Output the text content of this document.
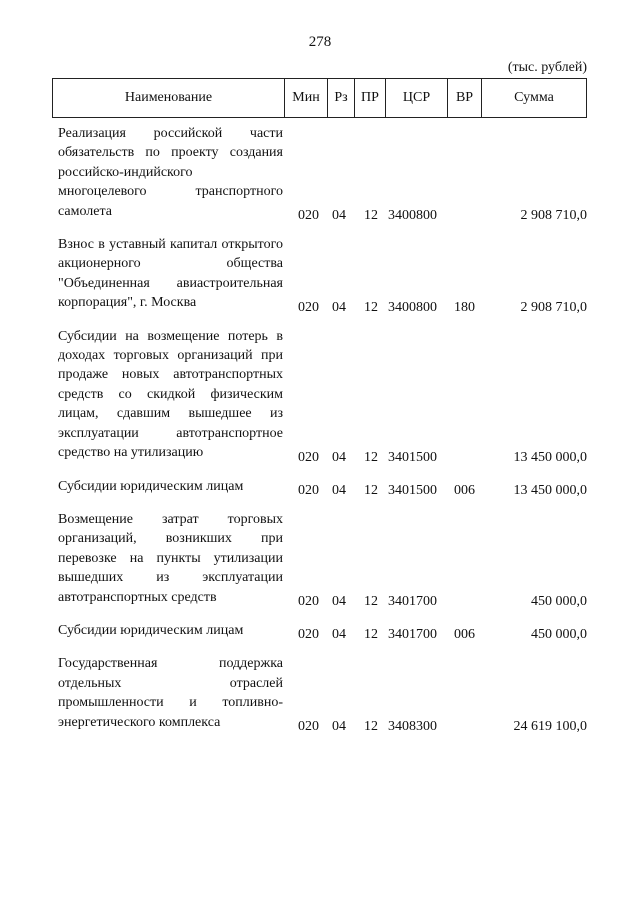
278
(тыс. рублей)
Наименование	Мин	Рз	ПР	ЦСР	ВР	Сумма
Реализация российской части обязательств по проекту создания российско-индийского многоцелевого транспортного самолета	020 04 12 3400800	2 908 710,0
Взнос в уставный капитал открытого акционерного общества "Объединенная авиастроительная корпорация", г. Москва	020 04 12 3400800 180	2 908 710,0
Субсидии на возмещение потерь в доходах торговых организаций при продаже новых автотранспортных средств со скидкой физическим лицам, сдавшим вышедшее из эксплуатации автотранспортное средство на утилизацию	020 04 12 3401500	13 450 000,0
Субсидии юридическим лицам	020 04 12 3401500 006	13 450 000,0
Возмещение затрат торговых организаций, возникших при перевозке на пункты утилизации вышедших из эксплуатации автотранспортных средств	020 04 12 3401700	450 000,0
Субсидии юридическим лицам	020 04 12 3401700 006	450 000,0
Государственная поддержка отдельных отраслей промышленности и топливно-энергетического комплекса	020 04 12 3408300	24 619 100,0
